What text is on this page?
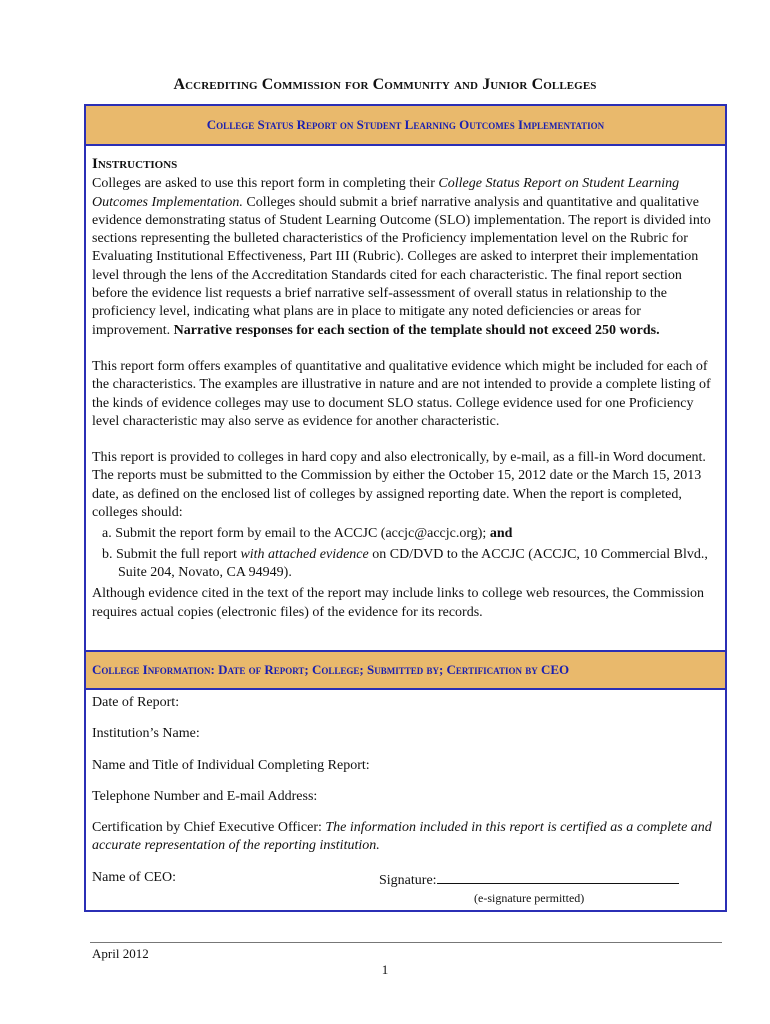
Accrediting Commission for Community and Junior Colleges
College Status Report on Student Learning Outcomes Implementation
Instructions

Colleges are asked to use this report form in completing their College Status Report on Student Learning Outcomes Implementation. Colleges should submit a brief narrative analysis and quantitative and qualitative evidence demonstrating status of Student Learning Outcome (SLO) implementation. The report is divided into sections representing the bulleted characteristics of the Proficiency implementation level on the Rubric for Evaluating Institutional Effectiveness, Part III (Rubric). Colleges are asked to interpret their implementation level through the lens of the Accreditation Standards cited for each characteristic. The final report section before the evidence list requests a brief narrative self-assessment of overall status in relationship to the proficiency level, indicating what plans are in place to mitigate any noted deficiencies or areas for improvement. Narrative responses for each section of the template should not exceed 250 words.

This report form offers examples of quantitative and qualitative evidence which might be included for each of the characteristics. The examples are illustrative in nature and are not intended to provide a complete listing of the kinds of evidence colleges may use to document SLO status. College evidence used for one Proficiency level characteristic may also serve as evidence for another characteristic.

This report is provided to colleges in hard copy and also electronically, by e-mail, as a fill-in Word document. The reports must be submitted to the Commission by either the October 15, 2012 date or the March 15, 2013 date, as defined on the enclosed list of colleges by assigned reporting date. When the report is completed, colleges should:

a. Submit the report form by email to the ACCJC (accjc@accjc.org); and
b. Submit the full report with attached evidence on CD/DVD to the ACCJC (ACCJC, 10 Commercial Blvd., Suite 204, Novato, CA 94949).

Although evidence cited in the text of the report may include links to college web resources, the Commission requires actual copies (electronic files) of the evidence for its records.

College Information: Date of Report; College; Submitted by; Certification by CEO

Date of Report:

Institution’s Name:

Name and Title of Individual Completing Report:

Telephone Number and E-mail Address:

Certification by Chief Executive Officer: The information included in this report is certified as a complete and accurate representation of the reporting institution.

Name of CEO:	Signature:
(e-signature permitted)
April 2012
1
